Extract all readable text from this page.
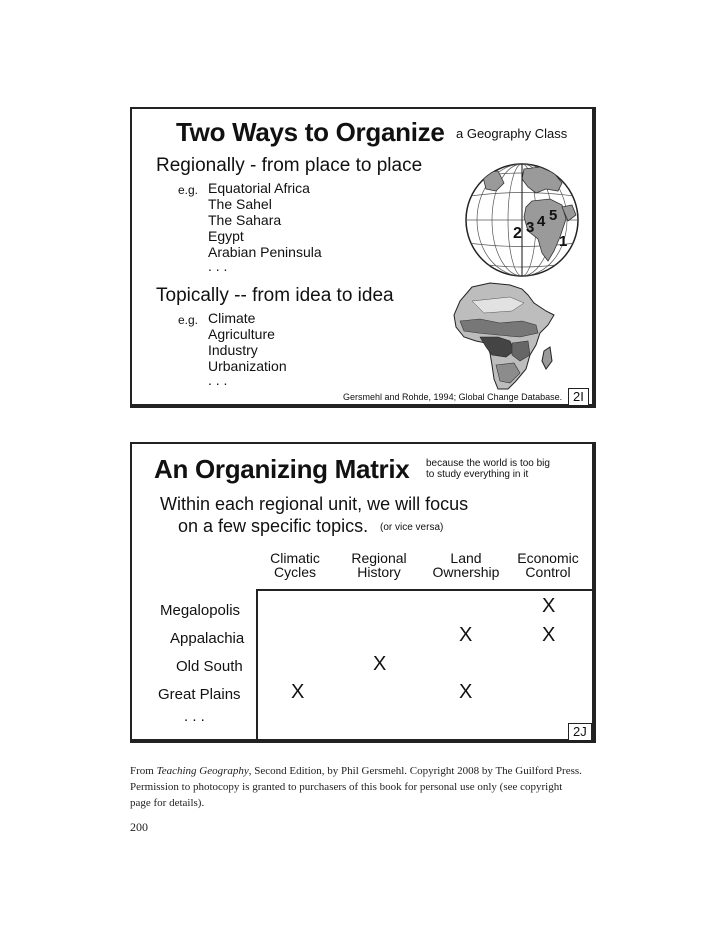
Two Ways to Organize a Geography Class
Regionally - from place to place
e.g. Equatorial Africa
The Sahel
The Sahara
Egypt
Arabian Peninsula
. . .
Topically -- from idea to idea
e.g. Climate
Agriculture
Industry
Urbanization
. . .
1
2 3 4 5
Gersmehl and Rohde, 1994; Global Change Database. 2I
An Organizing Matrix because the world is too big
to study everything in it
Within each regional unit, we will focus
on a few specific topics. (or vice versa)
Climatic
Cycles
Regional
History
Land
Ownership
Economic
Control
Megalopolis
Appalachia
Old South
Great Plains
. . .
X
X	X
X
X	X
2J
From Teaching Geography, Second Edition, by Phil Gersmehl. Copyright 2008 by The Guilford Press.
Permission to photocopy is granted to purchasers of this book for personal use only (see copyright
page for details).
200
